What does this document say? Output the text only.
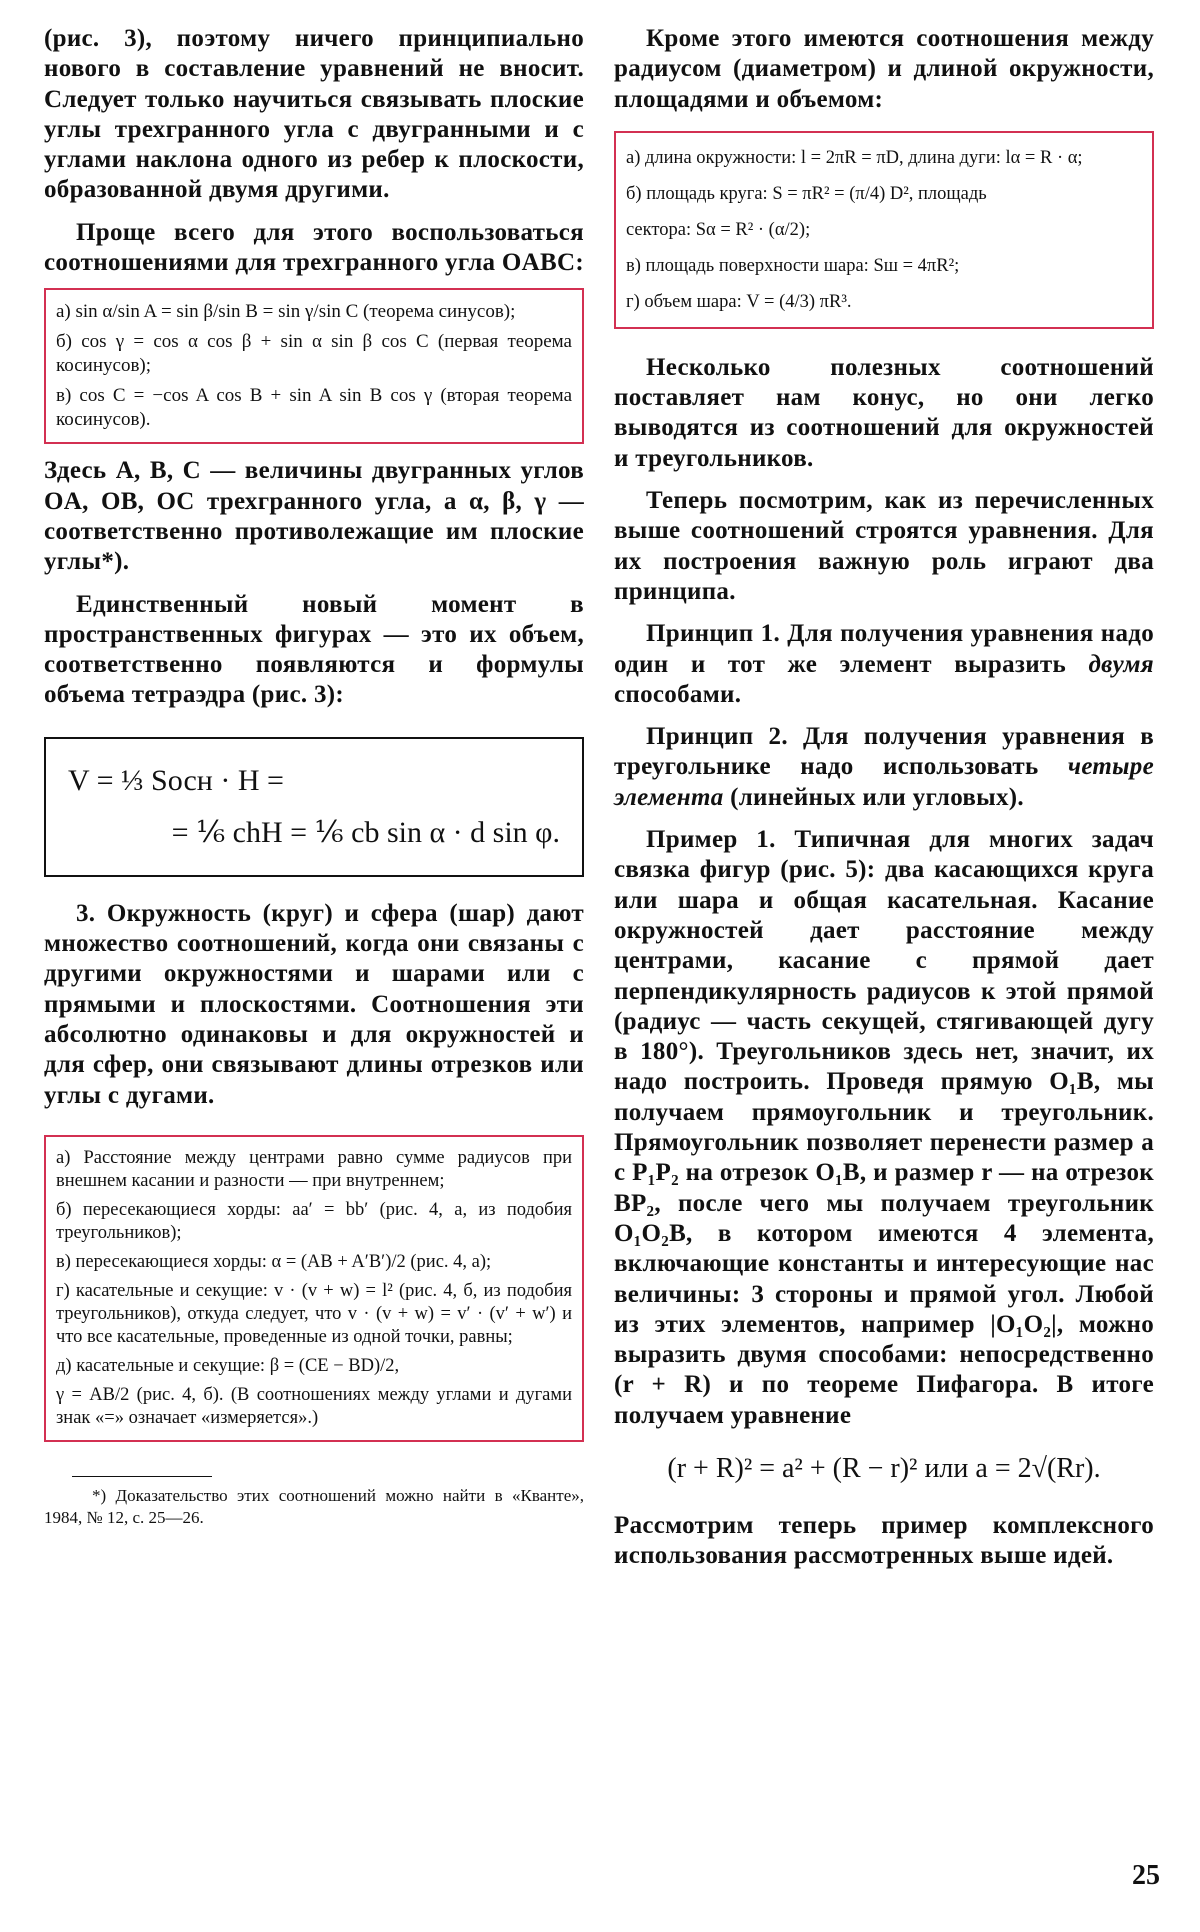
(рис. 3), поэтому ничего принципиально нового в составление уравнений не вносит. Следует только научиться связывать плоские углы трехгранного угла с двугранными и с углами наклона одного из ребер к плоскости, образованной двумя другими.

Проще всего для этого воспользоваться соотношениями для трехгранного угла OABC:

а) sin α/sin A = sin β/sin B = sin γ/sin C (теорема синусов);
б) cos γ = cos α cos β + sin α sin β cos C (первая теорема косинусов);
в) cos C = −cos A cos B + sin A sin B cos γ (вторая теорема косинусов).

Здесь A, B, C — величины двугранных углов OA, OB, OC трехгранного угла, а α, β, γ — соответственно противолежащие им плоские углы*).

Единственный новый момент в пространственных фигурах — это их объем, соответственно появляются и формулы объема тетраэдра (рис. 3):

V = ⅓ Sосн · H =
= ⅙ chH = ⅙ cb sin α · d sin φ.

3. Окружность (круг) и сфера (шар) дают множество соотношений, когда они связаны с другими окружностями и шарами или с прямыми и плоскостями. Соотношения эти абсолютно одинаковы и для окружностей и для сфер, они связывают длины отрезков или углы с дугами.

а) Расстояние между центрами равно сумме радиусов при внешнем касании и разности — при внутреннем;
б) пересекающиеся хорды: aa′ = bb′ (рис. 4, а, из подобия треугольников);
в) пересекающиеся хорды: α = (AB + A′B′)/2 (рис. 4, а);
г) касательные и секущие: v · (v + w) = l² (рис. 4, б, из подобия треугольников), откуда следует, что v · (v + w) = v′ · (v′ + w′) и что все касательные, проведенные из одной точки, равны;
д) касательные и секущие: β = (CE − BD)/2,
γ = AB/2 (рис. 4, б). (В соотношениях между углами и дугами знак «=» означает «измеряется».)
*) Доказательство этих соотношений можно найти в «Кванте», 1984, № 12, с. 25—26.

Кроме этого имеются соотношения между радиусом (диаметром) и длиной окружности, площадями и объемом:

а) длина окружности: l = 2πR = πD, длина дуги: lα = R · α;
б) площадь круга: S = πR² = (π/4) D², площадь
сектора: Sα = R² · (α/2);
в) площадь поверхности шара: Sш = 4πR²;
г) объем шара: V = (4/3) πR³.

Несколько полезных соотношений поставляет нам конус, но они легко выводятся из соотношений для окружностей и треугольников.

Теперь посмотрим, как из перечисленных выше соотношений строятся уравнения. Для их построения важную роль играют два принципа.

Принцип 1. Для получения уравнения надо один и тот же элемент выразить двумя способами.

Принцип 2. Для получения уравнения в треугольнике надо использовать четыре элемента (линейных или угловых).

Пример 1. Типичная для многих задач связка фигур (рис. 5): два касающихся круга или шара и общая касательная. Касание окружностей дает расстояние между центрами, касание с прямой дает перпендикулярность радиусов к этой прямой (радиус — часть секущей, стягивающей дугу в 180°). Треугольников здесь нет, значит, их надо построить. Проведя прямую O₁B, мы получаем прямоугольник и треугольник. Прямоугольник позволяет перенести размер a с P₁P₂ на отрезок O₁B, и размер r — на отрезок BP₂, после чего мы получаем треугольник O₁O₂B, в котором имеются 4 элемента, включающие константы и интересующие нас величины: 3 стороны и прямой угол. Любой из этих элементов, например |O₁O₂|, можно выразить двумя способами: непосредственно (r + R) и по теореме Пифагора. В итоге получаем уравнение

(r + R)² = a² + (R − r)² или a = 2√(Rr).

Рассмотрим теперь пример комплексного использования рассмотренных выше идей.

25
